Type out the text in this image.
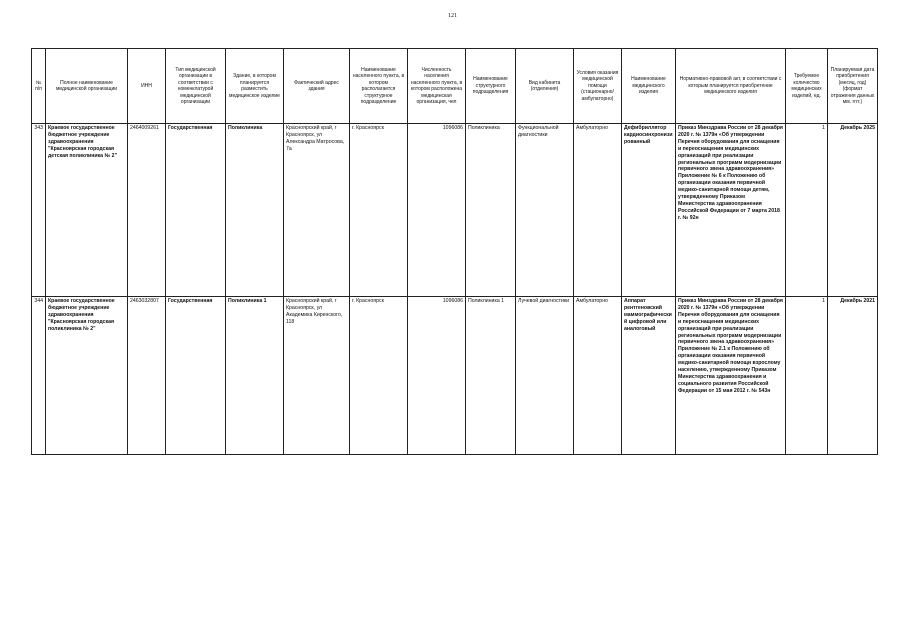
121
№ п/п	Полное наименование медицинской организации	ИНН	Тип медицинской организации в соответствии с номенклатурой медицинской организации	Здание, в котором планируется разместить медицинское изделие	Фактический адрес здания	Наименование населенного пункта, в котором располагается структурное подразделение	Численность населения населенного пункта, в котором расположена медицинская организация, чел	Наименование структурного подразделения	Вид кабинета (отделения)	Условия оказания медицинской помощи (стационарно/амбулаторно)	Наименование медицинского изделия	Нормативно-правовой акт, в соответствии с которым планируется приобретение медицинского изделия	Требуемое количество медицинских изделий, ед.	Планируемая дата приобретения (месяц, год) (формат отражения данных мм. гггг.)
343	Краевое государственное бюджетное учреждение здравоохранения "Красноярская городская детская поликлиника № 2"	2464009261	Государственная	Поликлиника	Красноярский край, г Красноярск, ул Александра Матросова, 7а	г. Красноярск	1096086	Поликлиника	Функциональной диагностики	Амбулаторно	Дефибриллятор кардиосинхронизированный	Приказ Минздрава России от 28 декабря 2020 г. № 1379н «Об утверждении Перечня оборудования для оснащения и переоснащения медицинских организаций при реализации региональных программ модернизации первичного звена здравоохранения» Приложение № 6 к Положению об организации оказания первичной медико-санитарной помощи детям, утвержденному Приказом Министерства здравоохранения Российской Федерации от 7 марта 2018 г. № 92н	1	Декабрь 2025
344	Краевое государственное бюджетное учреждение здравоохранения "Красноярская городская поликлиника № 2"	2463032807	Государственная	Поликлиника 1	Красноярский край, г Красноярск, ул Академика Киренского, 118	г. Красноярск	1096086	Поликлиника 1	Лучевой диагностики	Амбулаторно	Аппарат рентгеновский маммографический цифровой или аналоговый	Приказ Минздрава России от 28 декабря 2020 г. № 1379н «Об утверждении Перечня оборудования для оснащения и переоснащения медицинских организаций при реализации региональных программ модернизации первичного звена здравоохранения» Приложение № 2.1 к Положению об организации оказания первичной медико-санитарной помощи взрослому населению, утвержденному Приказом Министерства здравоохранения и социального развития Российской Федерации от 15 мая 2012 г. № 543н	1	Декабрь 2021
